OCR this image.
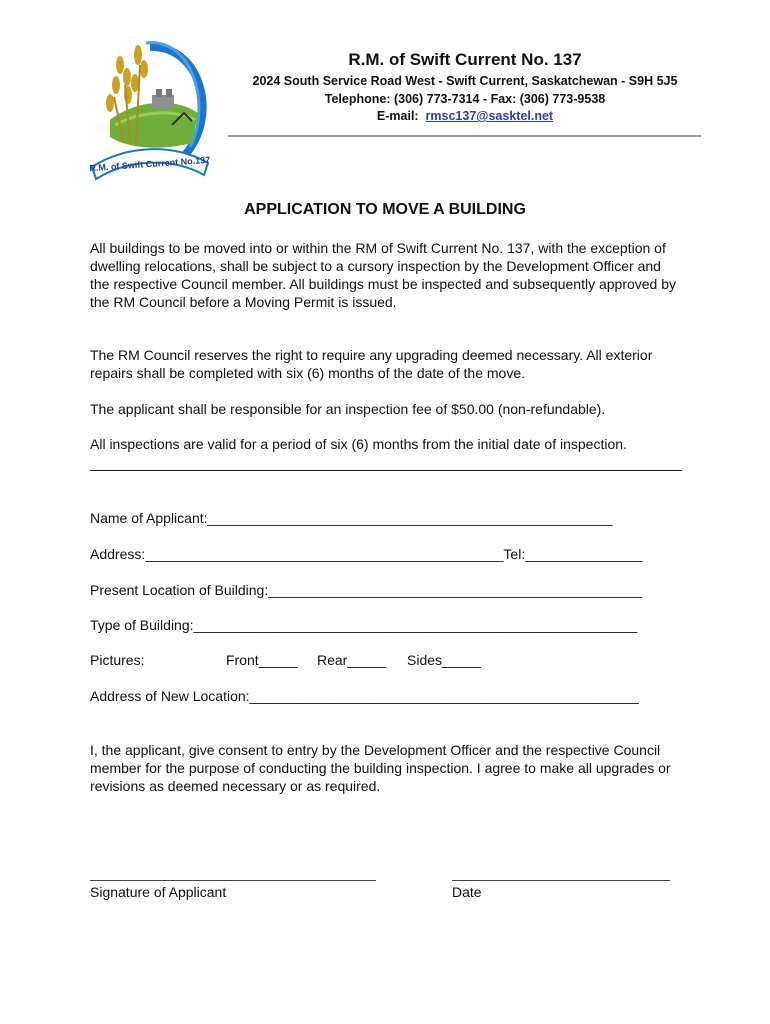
R.M. of Swift Current No.137
R.M. of Swift Current No. 137
2024 South Service Road West - Swift Current, Saskatchewan - S9H 5J5
Telephone: (306) 773-7314 - Fax: (306) 773-9538
E-mail: rmsc137@sasktel.net
APPLICATION TO MOVE A BUILDING
All buildings to be moved into or within the RM of Swift Current No. 137, with the exception of dwelling relocations, shall be subject to a cursory inspection by the Development Officer and the respective Council member. All buildings must be inspected and subsequently approved by the RM Council before a Moving Permit is issued.
The RM Council reserves the right to require any upgrading deemed necessary. All exterior repairs shall be completed with six (6) months of the date of the move.
The applicant shall be responsible for an inspection fee of $50.00 (non-refundable).
All inspections are valid for a period of six (6) months from the initial date of inspection.
Name of Applicant:____________________________________________________
Address:______________________________________________Tel:_______________
Present Location of Building:________________________________________________
Type of Building:_________________________________________________________
Pictures:	Front_____ Rear_____ Sides_____
Address of New Location:__________________________________________________
I, the applicant, give consent to entry by the Development Officer and the respective Council member for the purpose of conducting the building inspection. I agree to make all upgrades or revisions as deemed necessary or as required.
Signature of Applicant	Date
